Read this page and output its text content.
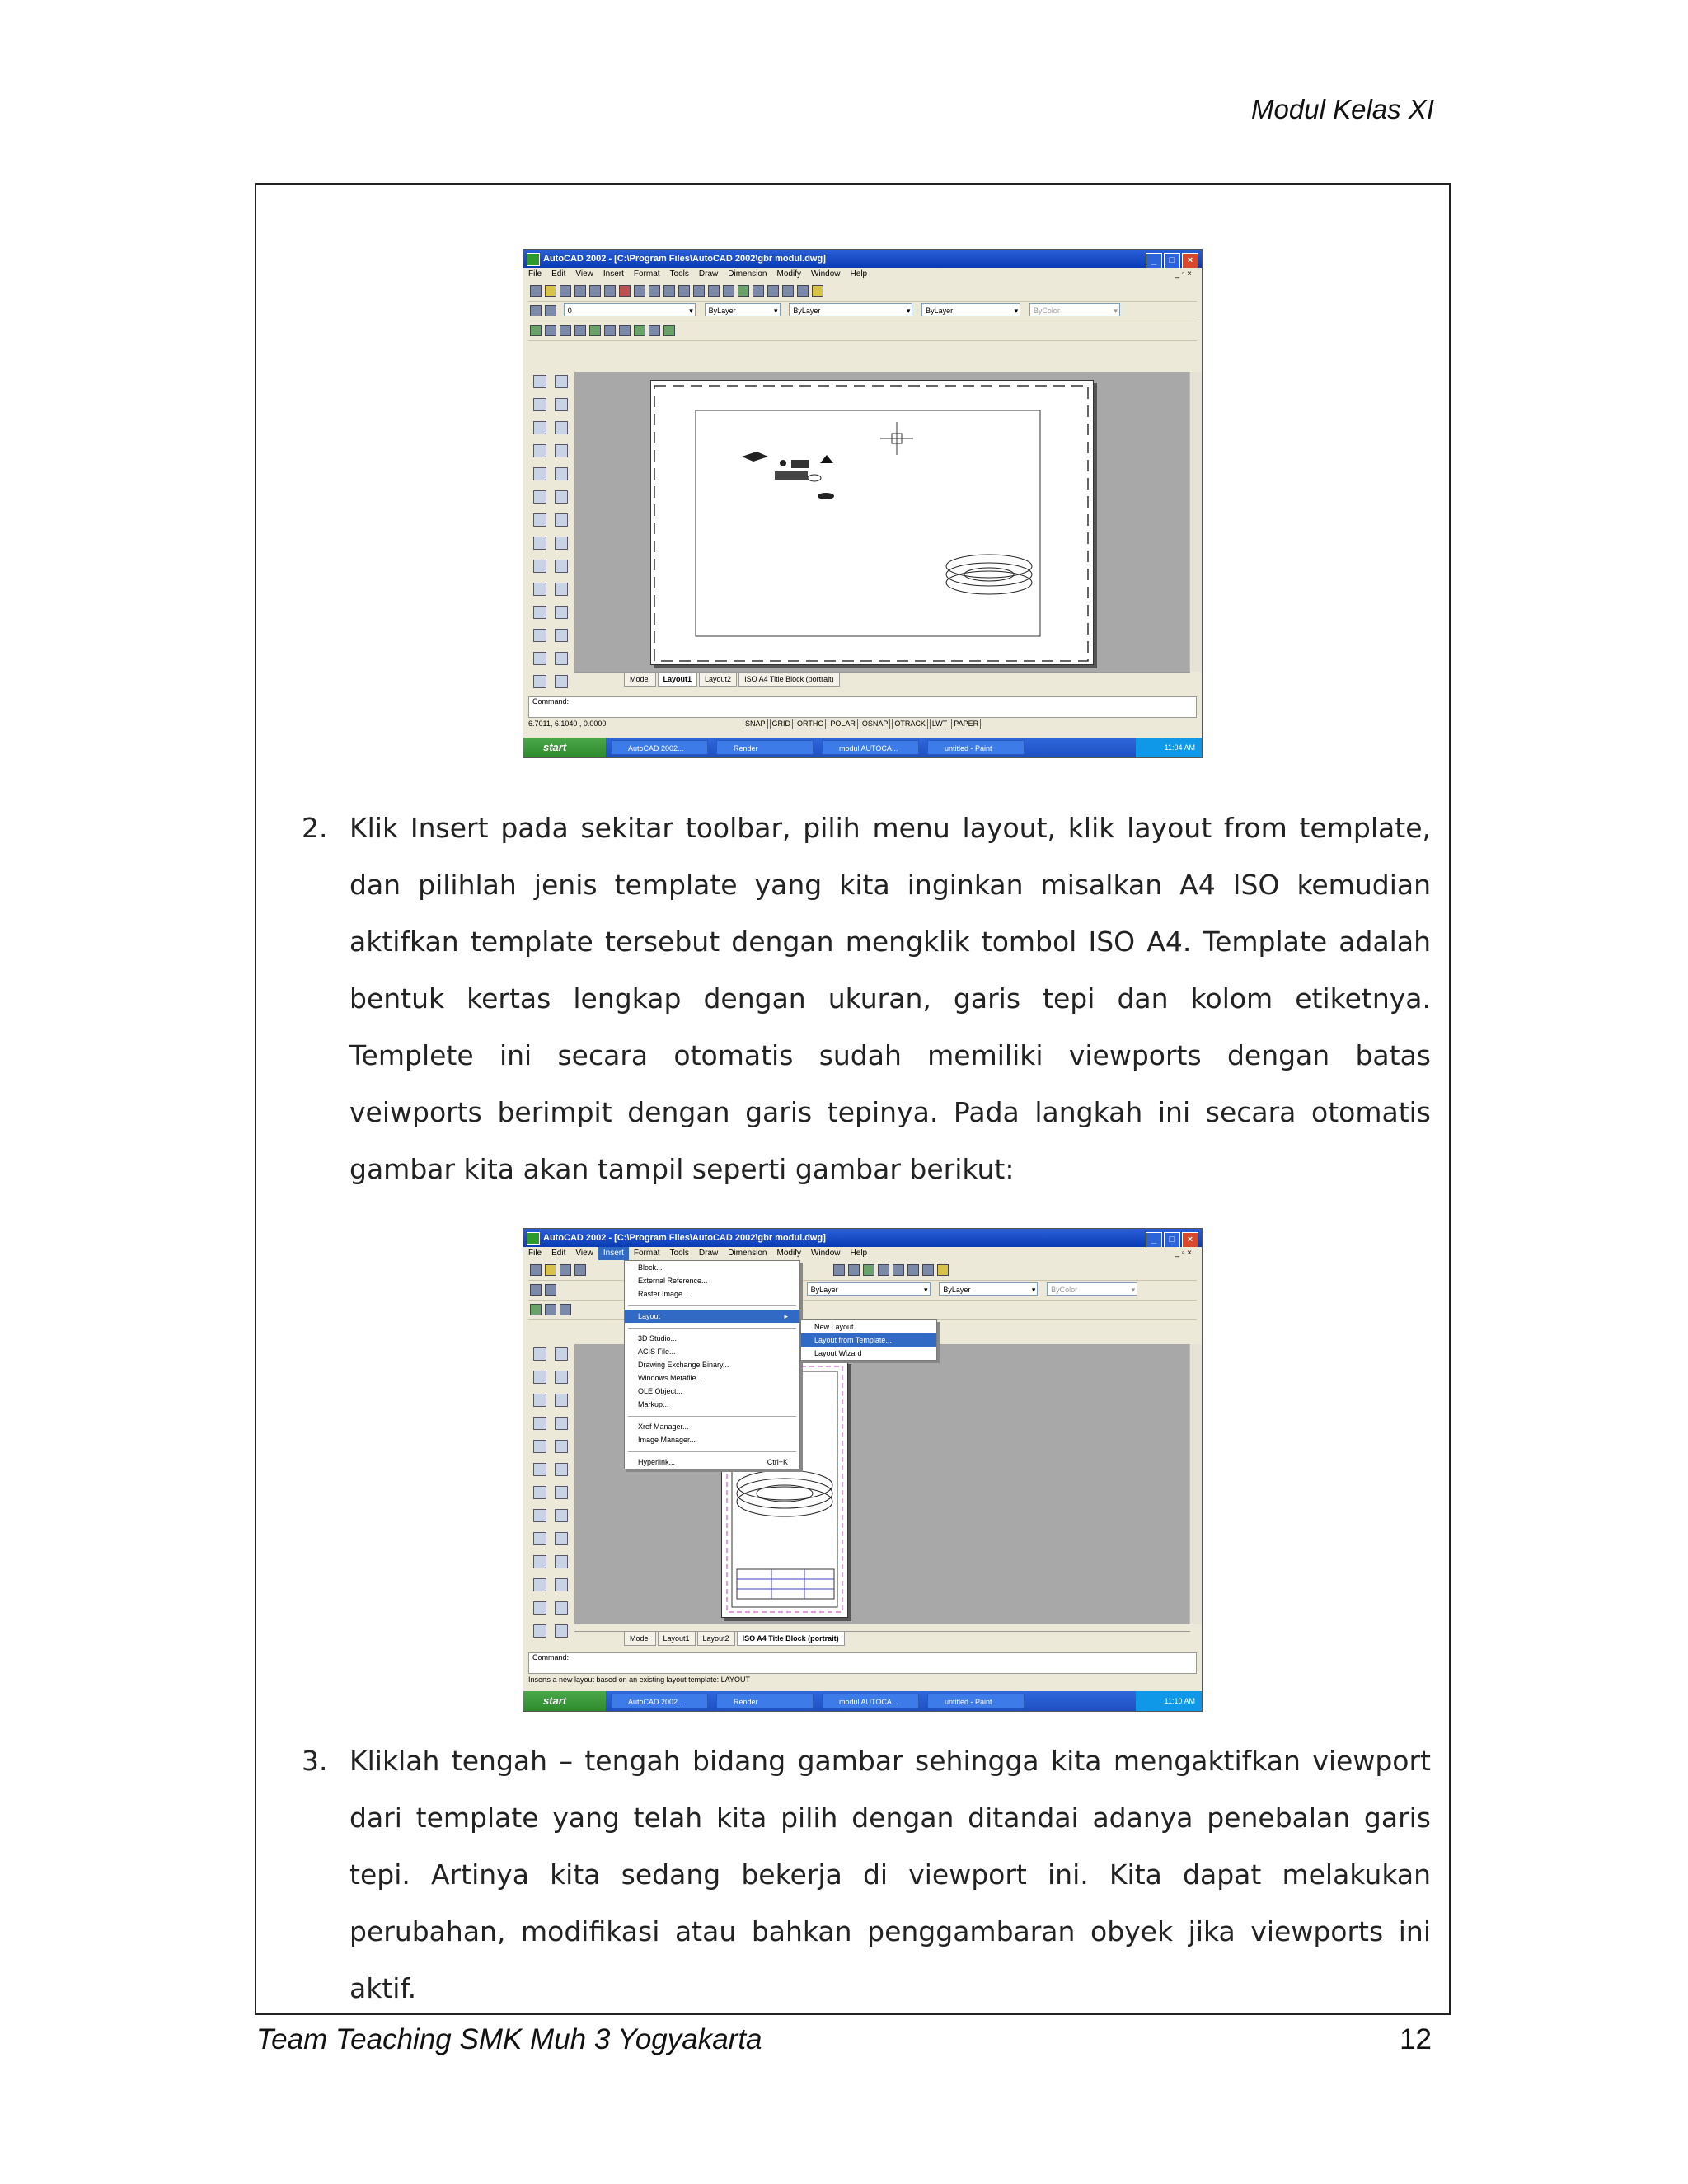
Modul Kelas XI
AutoCAD 2002 - [C:\Program Files\AutoCAD 2002\gbr modul.dwg]	_ □ ×
File Edit View Insert Format Tools Draw Dimension Modify Window Help	_ ▫ ×
0 ▾	ByLayer ▾	ByLayer ▾	ByLayer ▾	ByColor ▾
Model Layout1 Layout2 ISO A4 Title Block (portrait)
Command:
6.7011, 6.1040 , 0.0000	SNAP GRID ORTHO POLAR OSNAP OTRACK LWT PAPER
start	AutoCAD 2002...	Render	modul AUTOCA...	untitled - Paint	11:04 AM
2. Klik Insert pada sekitar toolbar, pilih menu layout, klik layout from template, dan pilihlah jenis template yang kita inginkan misalkan A4 ISO kemudian aktifkan template tersebut dengan mengklik tombol ISO A4. Template adalah bentuk kertas lengkap dengan ukuran, garis tepi dan kolom etiketnya. Templete ini secara otomatis sudah memiliki viewports dengan batas veiwports berimpit dengan garis tepinya. Pada langkah ini secara otomatis gambar kita akan tampil seperti gambar berikut:
AutoCAD 2002 - [C:\Program Files\AutoCAD 2002\gbr modul.dwg]	_ □ ×
File Edit View Insert Format Tools Draw Dimension Modify Window Help	_ ▫ ×

ByLayer ▾	ByLayer ▾	ByColor ▾
Block...
External Reference...
Raster Image...
Layout	▸
3D Studio...
ACIS File...
Drawing Exchange Binary...
Windows Metafile...
OLE Object...
Markup...
Xref Manager...
Image Manager...
Hyperlink...	Ctrl+K
New Layout
Layout from Template...
Layout Wizard
Model Layout1 Layout2 ISO A4 Title Block (portrait)
Command:
Inserts a new layout based on an existing layout template: LAYOUT
start	AutoCAD 2002...	Render	modul AUTOCA...	untitled - Paint	11:10 AM
3. Kliklah tengah – tengah bidang gambar sehingga kita mengaktifkan viewport dari template yang telah kita pilih dengan ditandai adanya penebalan garis tepi. Artinya kita sedang bekerja di viewport ini. Kita dapat melakukan perubahan, modifikasi atau bahkan penggambaran obyek jika viewports ini aktif.
Team Teaching SMK Muh 3 Yogyakarta	12
